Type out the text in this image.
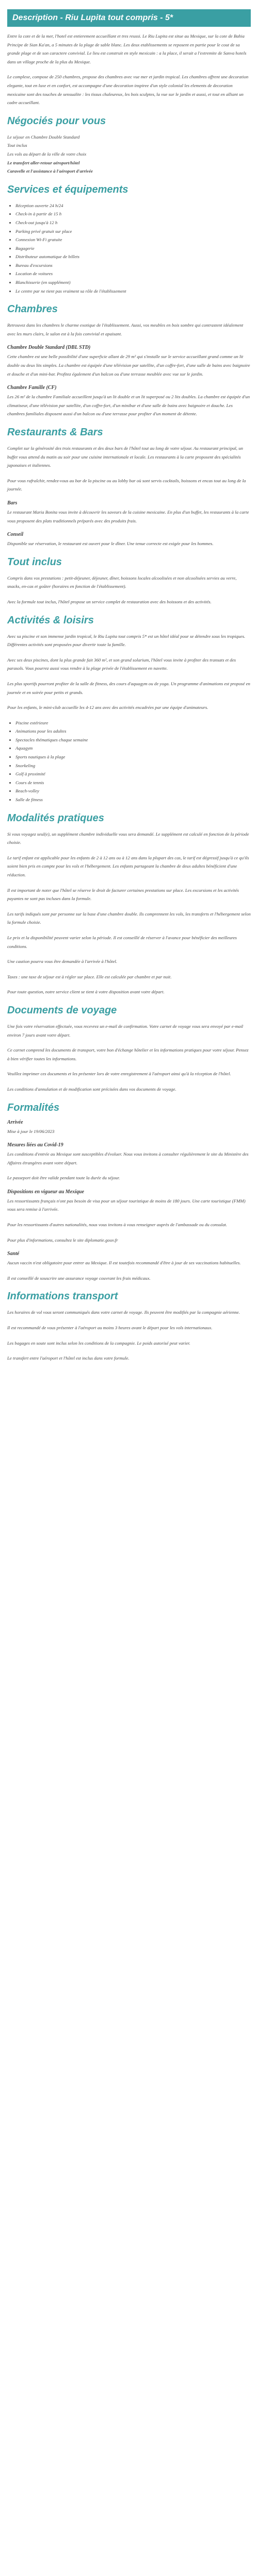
Description - Riu Lupita tout compris - 5*

Entre la cote et de la mer, l'hotel est entierement accueillant et tres reussi. Le Riu Lupita est situe au Mexique, sur la cote de Bahia Principe de Sian Ka'an, a 5 minutes de la plage de sable blanc. Les deux etablissements se reposent en partie pour le cout de sa grande plage et de son caractere convivial. Le lieu est construit en style mexicain : a la place, il serait a l'extremite de Sanva hotels dans un village proche de la plus du Mexique.

Le complexe, compose de 250 chambres, propose des chambres avec vue mer et jardin tropical. Les chambres offrent une decoration elegante, tout en luxe et en confort, est accompagne d'une decoration inspiree d'un style colonial les elements de decoration mexicaine sont des touches de sensualite : les tissus chaleureux, les bois sculptes, la vue sur le jardin et aussi, et tout en alliant un cadre accueillant.

Négociés pour vous

Le séjour en Chambre Double Standard

Tout inclus

Les vols au départ de la ville de votre choix

Le transfert aller-retour aéroport/hôtel

Caravelle et l'assistance à l'aéroport d'arrivée

Services et équipements
• Réception ouverte 24 h/24
• Check-in à partir de 15 h
• Check-out jusqu'à 12 h
• Parking privé gratuit sur place
• Connexion Wi-Fi gratuite
• Bagagerie
• Distributeur automatique de billets
• Bureau d'excursions
• Location de voitures
• Blanchisserie (en supplément)
• Le centre par ne tient pas vraiment sa rôle de l'établissement
Chambres

Retrouvez dans les chambres le charme exotique de l'établissement. Aussi, vos meubles en bois sombre qui contrastent idéalement avec les murs clairs, le salon est à la fois convivial et apaisant.

Chambre Double Standard (DBL STD)

Cette chambre est une belle possibilité d'une superficie allant de 29 m² qui s'installe sur le service accueillant grand comme un lit double ou deux lits simples. La chambre est équipée d'une télévision par satellite, d'un coffre-fort, d'une salle de bains avec baignoire et douche et d'un mini-bar. Profitez également d'un balcon ou d'une terrasse meublée avec vue sur le jardin.

Chambre Famille (CF)

Les 26 m² de la chambre Familiale accueillent jusqu'à un lit double et un lit superposé ou 2 lits doubles. La chambre est équipée d'un climatiseur, d'une télévision par satellite, d'un coffre-fort, d'un minibar et d'une salle de bains avec baignoire et douche. Les chambres familiales disposent aussi d'un balcon ou d'une terrasse pour profiter d'un moment de détente.

Restaurants & Bars

Complet sur la générosité des trois restaurants et des deux bars de l'hôtel tout au long de votre séjour. Au restaurant principal, un buffet vous attend du matin au soir pour une cuisine internationale et locale. Les restaurants à la carte proposent des spécialités japonaises et italiennes.

Pour vous rafraîchir, rendez-vous au bar de la piscine ou au lobby bar où sont servis cocktails, boissons et encas tout au long de la journée.

Bars

Le restaurant Maria Bonita vous invite à découvrir les saveurs de la cuisine mexicaine. En plus d'un buffet, les restaurants à la carte vous proposent des plats traditionnels préparés avec des produits frais.

Conseil

Disponible sur réservation, le restaurant est ouvert pour le dîner. Une tenue correcte est exigée pour les hommes.

Tout inclus

Compris dans vos prestations : petit-déjeuner, déjeuner, dîner, boissons locales alcoolisées et non alcoolisées servies au verre, snacks, en-cas et goûter (horaires en fonction de l'établissement).

Avec la formule tout inclus, l'hôtel propose un service complet de restauration avec des boissons et des activités.

Activités & loisirs

Avec sa piscine et son immense jardin tropical, le Riu Lupita tout compris 5* est un hôtel idéal pour se détendre sous les tropiques. Différentes activités sont proposées pour divertir toute la famille.

Avec ses deux piscines, dont la plus grande fait 360 m², et son grand solarium, l'hôtel vous invite à profiter des transats et des parasols. Vous pourrez aussi vous rendre à la plage privée de l'établissement en navette.

Les plus sportifs pourront profiter de la salle de fitness, des cours d'aquagym ou de yoga. Un programme d'animations est proposé en journée et en soirée pour petits et grands.

Pour les enfants, le mini-club accueille les 4-12 ans avec des activités encadrées par une équipe d'animateurs.

• Piscine extérieure
• Animations pour les adultes
• Spectacles thématiques chaque semaine
• Aquagym
• Sports nautiques à la plage
• Snorkeling
• Golf à proximité
• Cours de tennis
• Beach-volley
• Salle de fitness
Modalités pratiques

Si vous voyagez seul(e), un supplément chambre individuelle vous sera demandé. Le supplément est calculé en fonction de la période choisie.

Le tarif enfant est applicable pour les enfants de 2 à 12 ans ou à 12 ans dans la plupart des cas, le tarif est dégressif jusqu'à ce qu'ils soient bien pris en compte pour les vols et l'hébergement. Les enfants partageant la chambre de deux adultes bénéficient d'une réduction.

Il est important de noter que l'hôtel se réserve le droit de facturer certaines prestations sur place. Les excursions et les activités payantes ne sont pas incluses dans la formule.

Les tarifs indiqués sont par personne sur la base d'une chambre double. Ils comprennent les vols, les transferts et l'hébergement selon la formule choisie.

Le prix et la disponibilité peuvent varier selon la période. Il est conseillé de réserver à l'avance pour bénéficier des meilleures conditions.

Une caution pourra vous être demandée à l'arrivée à l'hôtel.

Taxes : une taxe de séjour est à régler sur place. Elle est calculée par chambre et par nuit.

Pour toute question, notre service client se tient à votre disposition avant votre départ.

Documents de voyage

Une fois votre réservation effectuée, vous recevrez un e-mail de confirmation. Votre carnet de voyage vous sera envoyé par e-mail environ 7 jours avant votre départ.

Ce carnet comprend les documents de transport, votre bon d'échange hôtelier et les informations pratiques pour votre séjour. Pensez à bien vérifier toutes les informations.

Veuillez imprimer ces documents et les présenter lors de votre enregistrement à l'aéroport ainsi qu'à la réception de l'hôtel.

Les conditions d'annulation et de modification sont précisées dans vos documents de voyage.

Formalités
Arrivée

Mise à jour le 19/06/2023

Mesures liées au Covid-19

Les conditions d'entrée au Mexique sont susceptibles d'évoluer. Nous vous invitons à consulter régulièrement le site du Ministère des Affaires étrangères avant votre départ.

Le passeport doit être valide pendant toute la durée du séjour.

Dispositions en vigueur au Mexique

Les ressortissants français n'ont pas besoin de visa pour un séjour touristique de moins de 180 jours. Une carte touristique (FMM) vous sera remise à l'arrivée.

Pour les ressortissants d'autres nationalités, nous vous invitons à vous renseigner auprès de l'ambassade ou du consulat.

Pour plus d'informations, consultez le site diplomatie.gouv.fr

Santé

Aucun vaccin n'est obligatoire pour entrer au Mexique. Il est toutefois recommandé d'être à jour de ses vaccinations habituelles.

Il est conseillé de souscrire une assurance voyage couvrant les frais médicaux.

Informations transport

Les horaires de vol vous seront communiqués dans votre carnet de voyage. Ils peuvent être modifiés par la compagnie aérienne.

Il est recommandé de vous présenter à l'aéroport au moins 3 heures avant le départ pour les vols internationaux.

Les bagages en soute sont inclus selon les conditions de la compagnie. Le poids autorisé peut varier.

Le transfert entre l'aéroport et l'hôtel est inclus dans votre formule.
